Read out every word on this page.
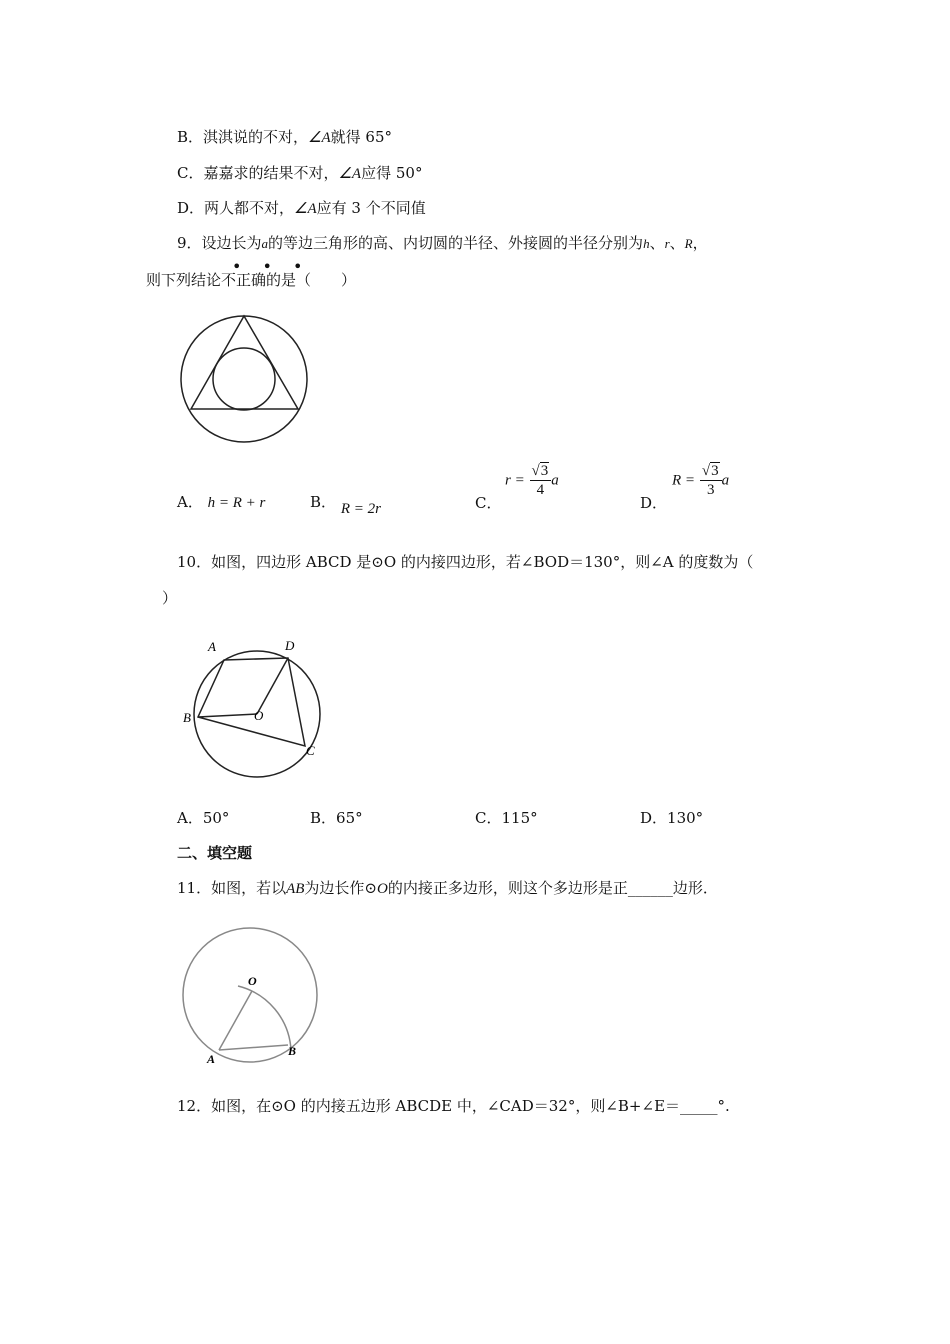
B．淇淇说的不对，∠A就得 65°
C．嘉嘉求的结果不对，∠A应得 50°
D．两人都不对，∠A应有 3 个不同值
9．设边长为a的等边三角形的高、内切圆的半径、外接圆的半径分别为h、r、R，
• • •
则下列结论不正确的是（　　）
A． h = R + r	B． R = 2r	C．
$r = \frac{√3}{4}$ a
D．
$R = \frac{√3}{3}$ a
10．如图，四边形 ABCD 是⊙O 的内接四边形，若∠BOD＝130°，则∠A 的度数为（
）
A	D
B	O
C
A．50°	B．65°	C．115°	D．130°
二、填空题
11．如图，若以AB为边长作⊙O的内接正多边形，则这个多边形是正______边形．
O
A
B
12．如图，在⊙O 的内接五边形 ABCDE 中，∠CAD＝32°，则∠B+∠E＝_____°.
